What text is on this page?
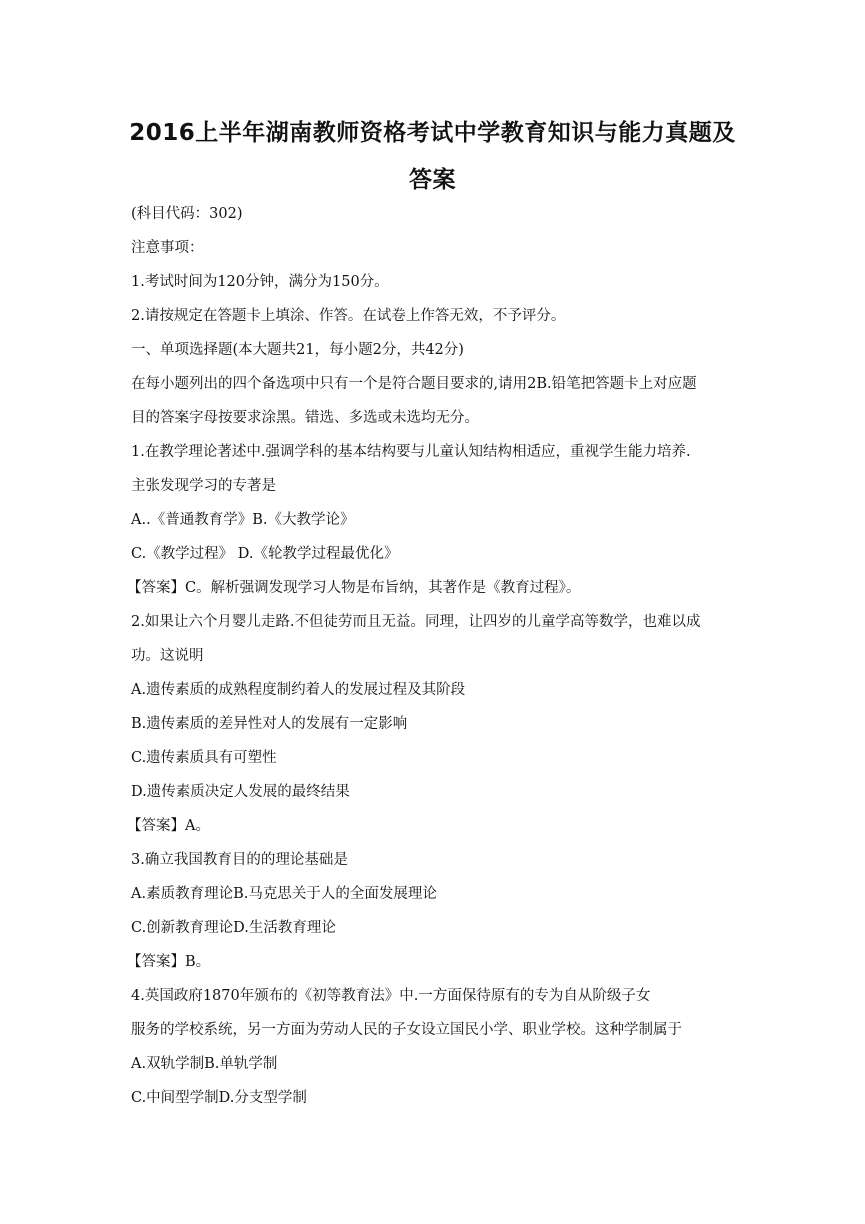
2016上半年湖南教师资格考试中学教育知识与能力真题及
答案
(科目代码：302)
注意事项：
1.考试时间为120分钟，满分为150分。
2.请按规定在答题卡上填涂、作答。在试卷上作答无效，不予评分。
一、单项选择题(本大题共21，每小题2分，共42分)
在每小题列出的四个备选项中只有一个是符合题目要求的,请用2B.铅笔把答题卡上对应题
目的答案字母按要求涂黑。错选、多选或未选均无分。
1.在教学理论著述中.强调学科的基本结构要与儿童认知结构相适应，重视学生能力培养.
主张发现学习的专著是
A..《普通教育学》B.《大教学论》
C.《教学过程》 D.《轮教学过程最优化》
【答案】C。解析强调发现学习人物是布旨纳，其著作是《教育过程》。
2.如果让六个月婴儿走路.不但徒劳而且无益。同理，让四岁的儿童学高等数学，也难以成
功。这说明
A.遗传素质的成熟程度制约着人的发展过程及其阶段
B.遗传素质的差异性对人的发展有一定影响
C.遗传素质具有可塑性
D.遗传素质决定人发展的最终结果
【答案】A。
3.确立我国教育目的的理论基础是
A.素质教育理论B.马克思关于人的全面发展理论
C.创新教育理论D.生活教育理论
【答案】B。
4.英国政府1870年颁布的《初等教育法》中.一方面保待原有的专为自从阶级子女
服务的学校系统，另一方面为劳动人民的子女设立国民小学、职业学校。这种学制属于
A.双轨学制B.单轨学制
C.中间型学制D.分支型学制
